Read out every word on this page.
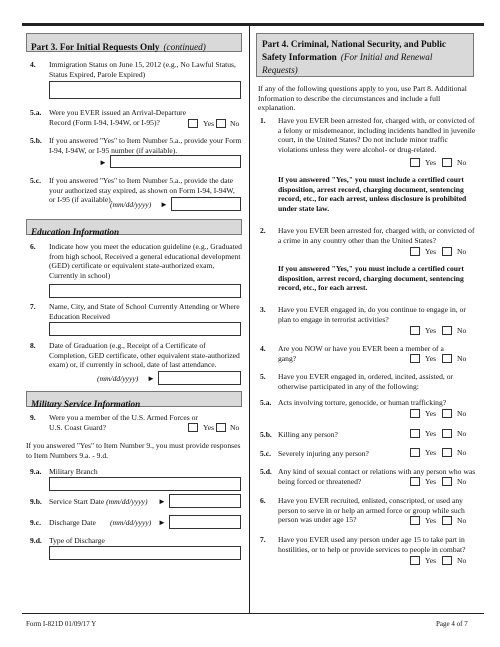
Part 3. For Initial Requests Only (continued)
4. Immigration Status on June 15, 2012 (e.g., No Lawful Status, Status Expired, Parole Expired)
5.a. Were you EVER issued an Arrival-Departure Record (Form I-94, I-94W, or I-95)?	Yes No
5.b. If you answered "Yes" to Item Number 5.a., provide your Form I-94, I-94W, or I-95 number (if available).
►
5.c. If you answered "Yes" to Item Number 5.a., provide the date your authorized stay expired, as shown on Form I-94, I-94W, or I-95 (if available).
(mm/dd/yyyy) ►
Education Information
6. Indicate how you meet the education guideline (e.g., Graduated from high school, Received a general educational development (GED) certificate or equivalent state-authorized exam, Currently in school)
7. Name, City, and State of School Currently Attending or Where Education Received
8. Date of Graduation (e.g., Receipt of a Certificate of Completion, GED certificate, other equivalent state-authorized exam) or, if currently in school, date of last attendance.
(mm/dd/yyyy) ►
Military Service Information
9. Were you a member of the U.S. Armed Forces or U.S. Coast Guard?	Yes No
If you answered "Yes" to Item Number 9., you must provide responses to Item Numbers 9.a. - 9.d.
9.a. Military Branch
9.b. Service Start Date (mm/dd/yyyy) ►
9.c. Discharge Date (mm/dd/yyyy) ►
9.d. Type of Discharge
Part 4. Criminal, National Security, and Public Safety Information (For Initial and Renewal Requests)
If any of the following questions apply to you, use Part 8. Additional Information to describe the circumstances and include a full explanation.
1. Have you EVER been arrested for, charged with, or convicted of a felony or misdemeanor, including incidents handled in juvenile court, in the United States? Do not include minor traffic violations unless they were alcohol- or drug-related.
Yes	No
If you answered "Yes," you must include a certified court disposition, arrest record, charging document, sentencing record, etc., for each arrest, unless disclosure is prohibited under state law.
2. Have you EVER been arrested for, charged with, or convicted of a crime in any country other than the United States?
Yes	No
If you answered "Yes," you must include a certified court disposition, arrest record, charging document, sentencing record, etc., for each arrest.
3. Have you EVER engaged in, do you continue to engage in, or plan to engage in terrorist activities?
Yes	No
4. Are you NOW or have you EVER been a member of a gang?	Yes	No
5. Have you EVER engaged in, ordered, incited, assisted, or otherwise participated in any of the following:
5.a. Acts involving torture, genocide, or human trafficking?
Yes	No
5.b. Killing any person?	Yes	No
5.c. Severely injuring any person?	Yes	No
5.d. Any kind of sexual contact or relations with any person who was being forced or threatened?	Yes	No
6. Have you EVER recruited, enlisted, conscripted, or used any person to serve in or help an armed force or group while such person was under age 15?	Yes	No
7. Have you EVER used any person under age 15 to take part in hostilities, or to help or provide services to people in combat?
Yes	No
Form I-821D 01/09/17 Y	Page 4 of 7
